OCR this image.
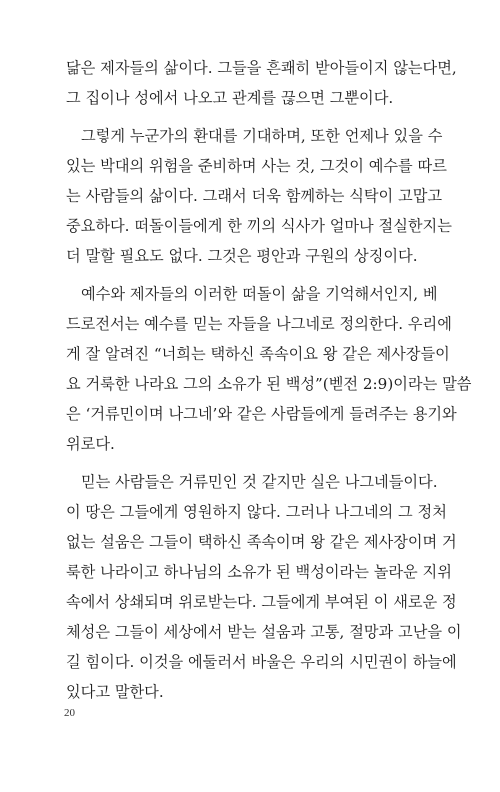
닮은 제자들의 삶이다. 그들을 흔쾌히 받아들이지 않는다면,
그 집이나 성에서 나오고 관계를 끊으면 그뿐이다.
그렇게 누군가의 환대를 기대하며, 또한 언제나 있을 수
있는 박대의 위험을 준비하며 사는 것, 그것이 예수를 따르
는 사람들의 삶이다. 그래서 더욱 함께하는 식탁이 고맙고
중요하다. 떠돌이들에게 한 끼의 식사가 얼마나 절실한지는
더 말할 필요도 없다. 그것은 평안과 구원의 상징이다.
예수와 제자들의 이러한 떠돌이 삶을 기억해서인지, 베
드로전서는 예수를 믿는 자들을 나그네로 정의한다. 우리에
게 잘 알려진 “너희는 택하신 족속이요 왕 같은 제사장들이
요 거룩한 나라요 그의 소유가 된 백성”(벧전 2:9)이라는 말씀
은 ‘거류민이며 나그네’와 같은 사람들에게 들려주는 용기와
위로다.
믿는 사람들은 거류민인 것 같지만 실은 나그네들이다.
이 땅은 그들에게 영원하지 않다. 그러나 나그네의 그 정처
없는 설움은 그들이 택하신 족속이며 왕 같은 제사장이며 거
룩한 나라이고 하나님의 소유가 된 백성이라는 놀라운 지위
속에서 상쇄되며 위로받는다. 그들에게 부여된 이 새로운 정
체성은 그들이 세상에서 받는 설움과 고통, 절망과 고난을 이
길 힘이다. 이것을 에둘러서 바울은 우리의 시민권이 하늘에
있다고 말한다.
20
